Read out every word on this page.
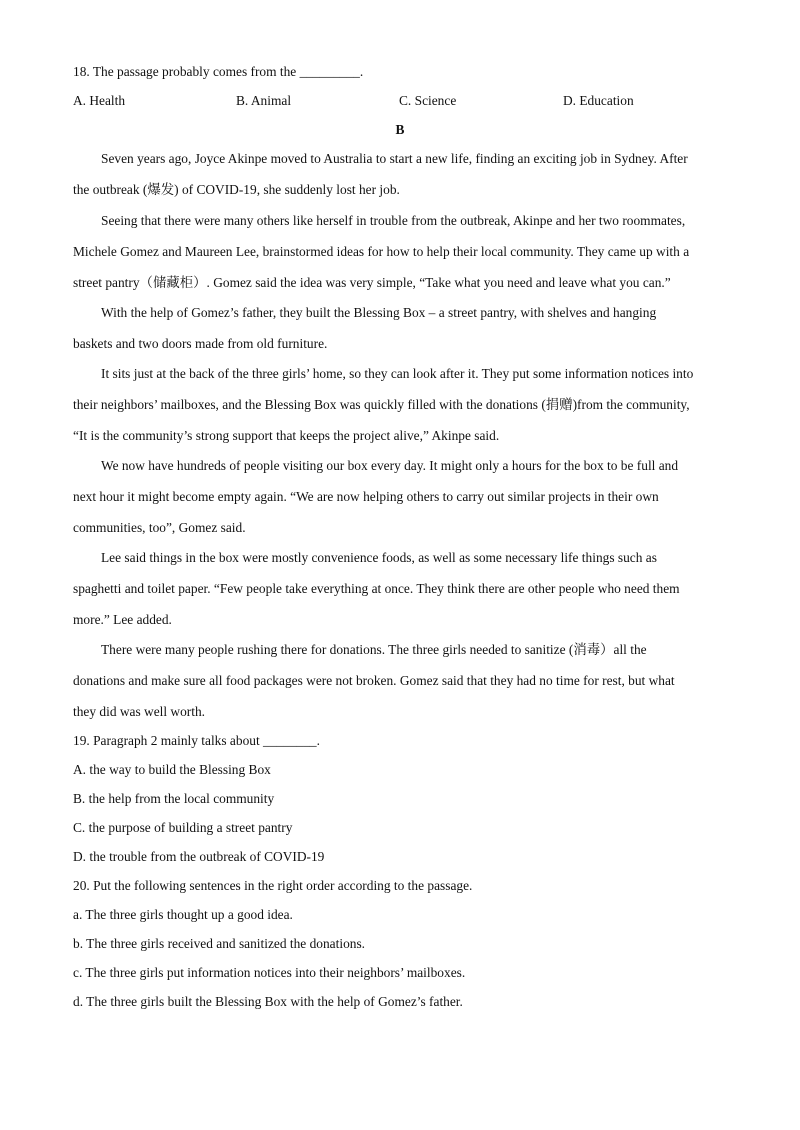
18. The passage probably comes from the _________.
A. Health	B. Animal	C. Science	D. Education
B
Seven years ago, Joyce Akinpe moved to Australia to start a new life, finding an exciting job in Sydney. After
the outbreak (爆发) of COVID-19, she suddenly lost her job.
Seeing that there were many others like herself in trouble from the outbreak, Akinpe and her two roommates,
Michele Gomez and Maureen Lee, brainstormed ideas for how to help their local community. They came up with a
street pantry（储藏柜）. Gomez said the idea was very simple, “Take what you need and leave what you can.”
With the help of Gomez’s father, they built the Blessing Box – a street pantry, with shelves and hanging
baskets and two doors made from old furniture.
It sits just at the back of the three girls’ home, so they can look after it. They put some information notices into
their neighbors’ mailboxes, and the Blessing Box was quickly filled with the donations (捐赠)from the community,
“It is the community’s strong support that keeps the project alive,” Akinpe said.
We now have hundreds of people visiting our box every day. It might only a hours for the box to be full and
next hour it might become empty again. “We are now helping others to carry out similar projects in their own
communities, too”, Gomez said.
Lee said things in the box were mostly convenience foods, as well as some necessary life things such as
spaghetti and toilet paper. “Few people take everything at once. They think there are other people who need them
more.” Lee added.
There were many people rushing there for donations. The three girls needed to sanitize (消毒）all the
donations and make sure all food packages were not broken. Gomez said that they had no time for rest, but what
they did was well worth.
19. Paragraph 2 mainly talks about ________.
A. the way to build the Blessing Box
B. the help from the local community
C. the purpose of building a street pantry
D. the trouble from the outbreak of COVID-19
20. Put the following sentences in the right order according to the passage.
a. The three girls thought up a good idea.
b. The three girls received and sanitized the donations.
c. The three girls put information notices into their neighbors’ mailboxes.
d. The three girls built the Blessing Box with the help of Gomez’s father.
